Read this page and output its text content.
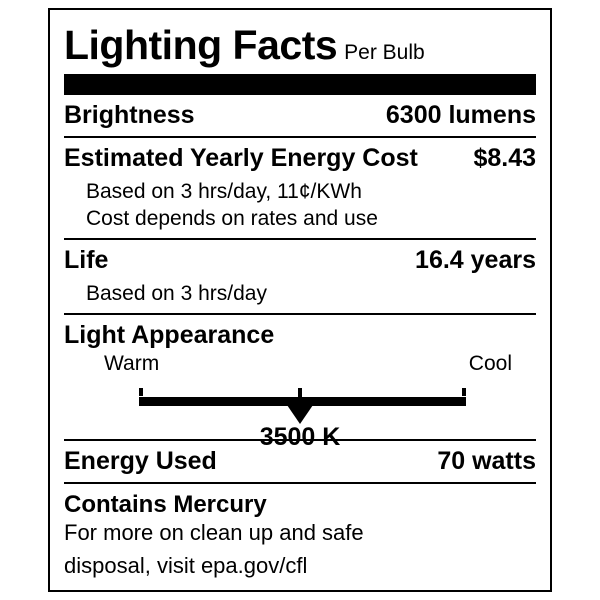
Lighting Facts Per Bulb
Brightness	6300 lumens
Estimated Yearly Energy Cost $8.43
Based on 3 hrs/day, 11¢/KWh
Cost depends on rates and use
Life	16.4 years
Based on 3 hrs/day
Light Appearance
Warm	Cool
3500 K
Energy Used	70 watts
Contains Mercury
For more on clean up and safe
disposal, visit epa.gov/cfl
